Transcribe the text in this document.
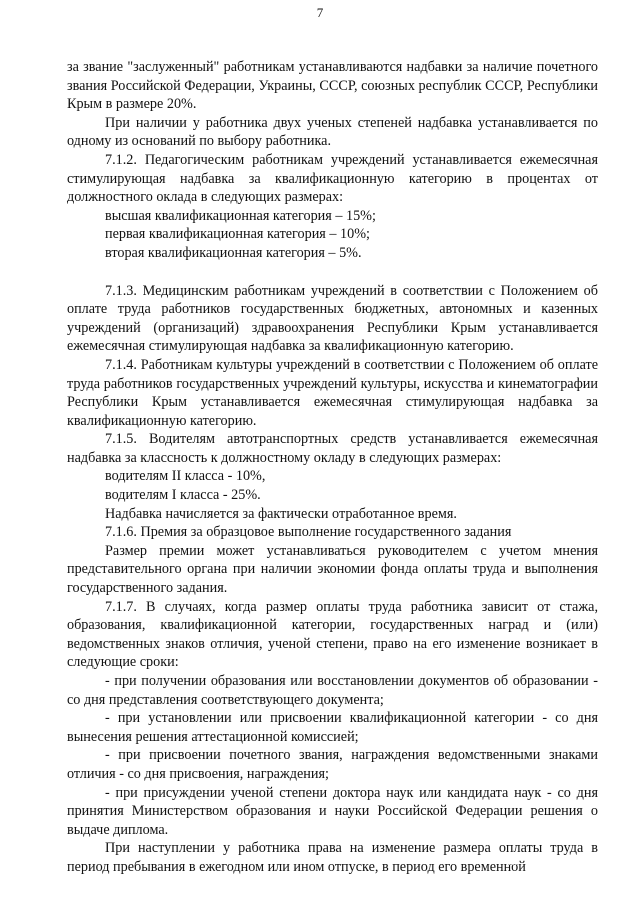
7

за звание "заслуженный" работникам устанавливаются надбавки за наличие почетного звания Российской Федерации, Украины, СССР, союзных республик СССР, Республики Крым в размере 20%.

При наличии у работника двух ученых степеней надбавка устанавливается по одному из оснований по выбору работника.

7.1.2. Педагогическим работникам учреждений устанавливается ежемесячная стимулирующая надбавка за квалификационную категорию в процентах от должностного оклада в следующих размерах:

высшая квалификационная категория – 15%;

первая квалификационная категория – 10%;

вторая квалификационная категория – 5%.

7.1.3. Медицинским работникам учреждений в соответствии с Положением об оплате труда работников государственных бюджетных, автономных и казенных учреждений (организаций) здравоохранения Республики Крым устанавливается ежемесячная стимулирующая надбавка за квалификационную категорию.

7.1.4. Работникам культуры учреждений в соответствии с Положением об оплате труда работников государственных учреждений культуры, искусства и кинематографии Республики Крым устанавливается ежемесячная стимулирующая надбавка за квалификационную категорию.

7.1.5. Водителям автотранспортных средств устанавливается ежемесячная надбавка за классность к должностному окладу в следующих размерах:

водителям II класса - 10%,

водителям I класса - 25%.

Надбавка начисляется за фактически отработанное время.

7.1.6. Премия за образцовое выполнение государственного задания

Размер премии может устанавливаться руководителем с учетом мнения представительного органа при наличии экономии фонда оплаты труда и выполнения государственного задания.

7.1.7. В случаях, когда размер оплаты труда работника зависит от стажа, образования, квалификационной категории, государственных наград и (или) ведомственных знаков отличия, ученой степени, право на его изменение возникает в следующие сроки:

- при получении образования или восстановлении документов об образовании - со дня представления соответствующего документа;

- при установлении или присвоении квалификационной категории - со дня вынесения решения аттестационной комиссией;

- при присвоении почетного звания, награждения ведомственными знаками отличия - со дня присвоения, награждения;

- при присуждении ученой степени доктора наук или кандидата наук - со дня принятия Министерством образования и науки Российской Федерации решения о выдаче диплома.

При наступлении у работника права на изменение размера оплаты труда в период пребывания в ежегодном или ином отпуске, в период его временной
